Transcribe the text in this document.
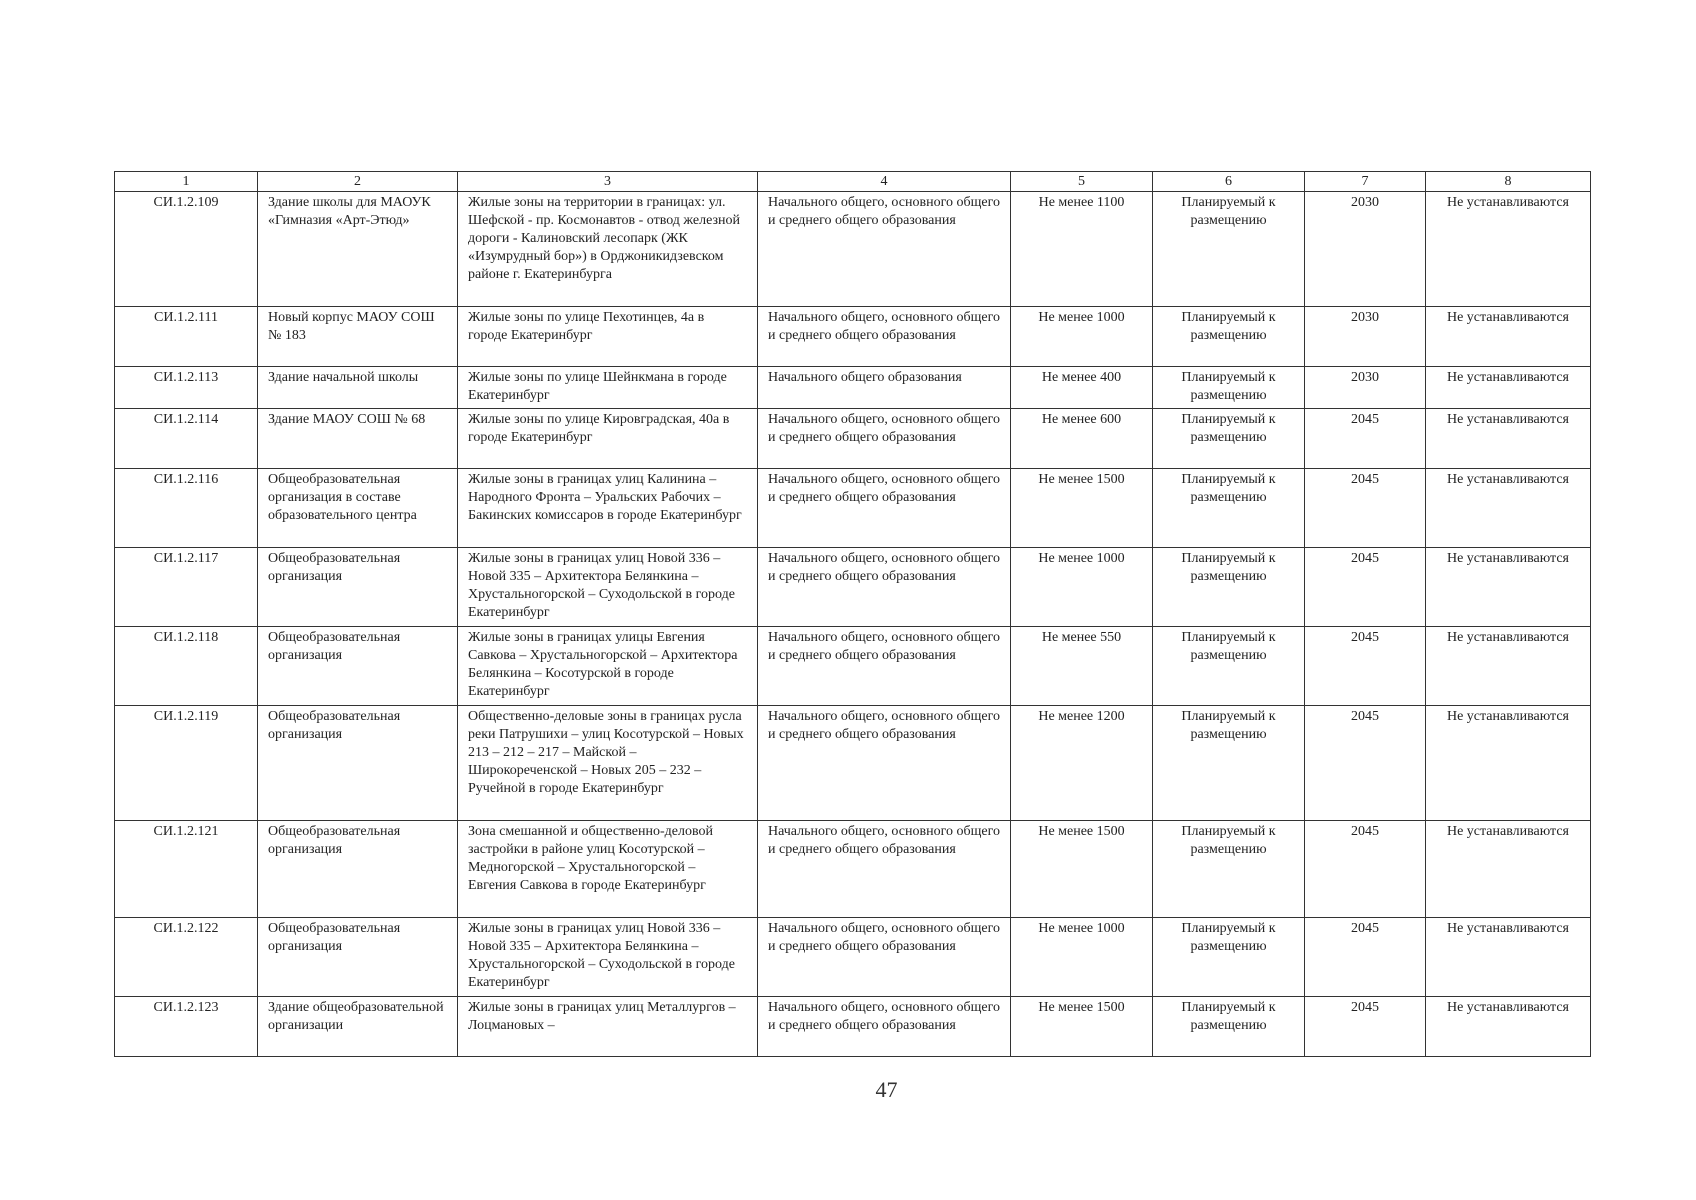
1	2	3	4	5	6	7	8
СИ.1.2.109	Здание школы для МАОУК «Гимназия «Арт-Этюд»	Жилые зоны на территории в границах: ул. Шефской - пр. Космонавтов - отвод железной дороги - Калиновский лесопарк (ЖК «Изумрудный бор») в Орджоникидзевском районе г. Екатеринбурга	Начального общего, основного общего и среднего общего образования	Не менее 1100	Планируемый к размещению	2030	Не устанавливаются
СИ.1.2.111	Новый корпус МАОУ СОШ № 183	Жилые зоны по улице Пехотинцев, 4а в городе Екатеринбург	Начального общего, основного общего и среднего общего образования	Не менее 1000	Планируемый к размещению	2030	Не устанавливаются
СИ.1.2.113	Здание начальной школы	Жилые зоны по улице Шейнкмана в городе Екатеринбург	Начального общего образования	Не менее 400	Планируемый к размещению	2030	Не устанавливаются
СИ.1.2.114	Здание МАОУ СОШ № 68	Жилые зоны по улице Кировградская, 40а в городе Екатеринбург	Начального общего, основного общего и среднего общего образования	Не менее 600	Планируемый к размещению	2045	Не устанавливаются
СИ.1.2.116	Общеобразовательная организация в составе образовательного центра	Жилые зоны в границах улиц Калинина – Народного Фронта – Уральских Рабочих – Бакинских комиссаров в городе Екатеринбург	Начального общего, основного общего и среднего общего образования	Не менее 1500	Планируемый к размещению	2045	Не устанавливаются
СИ.1.2.117	Общеобразовательная организация	Жилые зоны в границах улиц Новой 336 – Новой 335 – Архитектора Белянкина – Хрустальногорской – Суходольской в городе Екатеринбург	Начального общего, основного общего и среднего общего образования	Не менее 1000	Планируемый к размещению	2045	Не устанавливаются
СИ.1.2.118	Общеобразовательная организация	Жилые зоны в границах улицы Евгения Савкова – Хрустальногорской – Архитектора Белянкина – Косотурской в городе Екатеринбург	Начального общего, основного общего и среднего общего образования	Не менее 550	Планируемый к размещению	2045	Не устанавливаются
СИ.1.2.119	Общеобразовательная организация	Общественно-деловые зоны в границах русла реки Патрушихи – улиц Косотурской – Новых 213 – 212 – 217 – Майской – Широкореченской – Новых 205 – 232 – Ручейной в городе Екатеринбург	Начального общего, основного общего и среднего общего образования	Не менее 1200	Планируемый к размещению	2045	Не устанавливаются
СИ.1.2.121	Общеобразовательная организация	Зона смешанной и общественно-деловой застройки в районе улиц Косотурской – Медногорской – Хрустальногорской – Евгения Савкова в городе Екатеринбург	Начального общего, основного общего и среднего общего образования	Не менее 1500	Планируемый к размещению	2045	Не устанавливаются
СИ.1.2.122	Общеобразовательная организация	Жилые зоны в границах улиц Новой 336 – Новой 335 – Архитектора Белянкина – Хрустальногорской – Суходольской в городе Екатеринбург	Начального общего, основного общего и среднего общего образования	Не менее 1000	Планируемый к размещению	2045	Не устанавливаются
СИ.1.2.123	Здание общеобразовательной организации	Жилые зоны в границах улиц Металлургов – Лоцмановых –	Начального общего, основного общего и среднего общего образования	Не менее 1500	Планируемый к размещению	2045	Не устанавливаются
47
